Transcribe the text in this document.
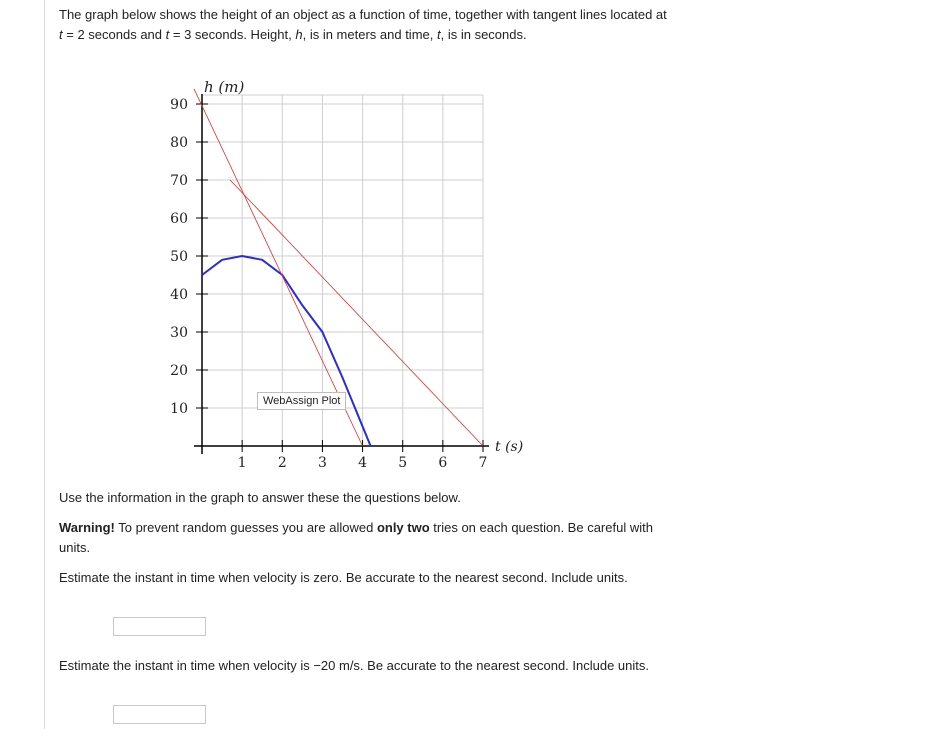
The graph below shows the height of an object as a function of time, together with tangent lines located at t = 2 seconds and t = 3 seconds. Height, h, is in meters and time, t, is in seconds.
10
20
30
40
50
60
70
80
90
1 2 3 4 5 6 7
h (m)
t (s)
WebAssign Plot
Use the information in the graph to answer these the questions below.
Warning! To prevent random guesses you are allowed only two tries on each question. Be careful with units.
Estimate the instant in time when velocity is zero. Be accurate to the nearest second. Include units.
Estimate the instant in time when velocity is −20 m/s. Be accurate to the nearest second. Include units.
